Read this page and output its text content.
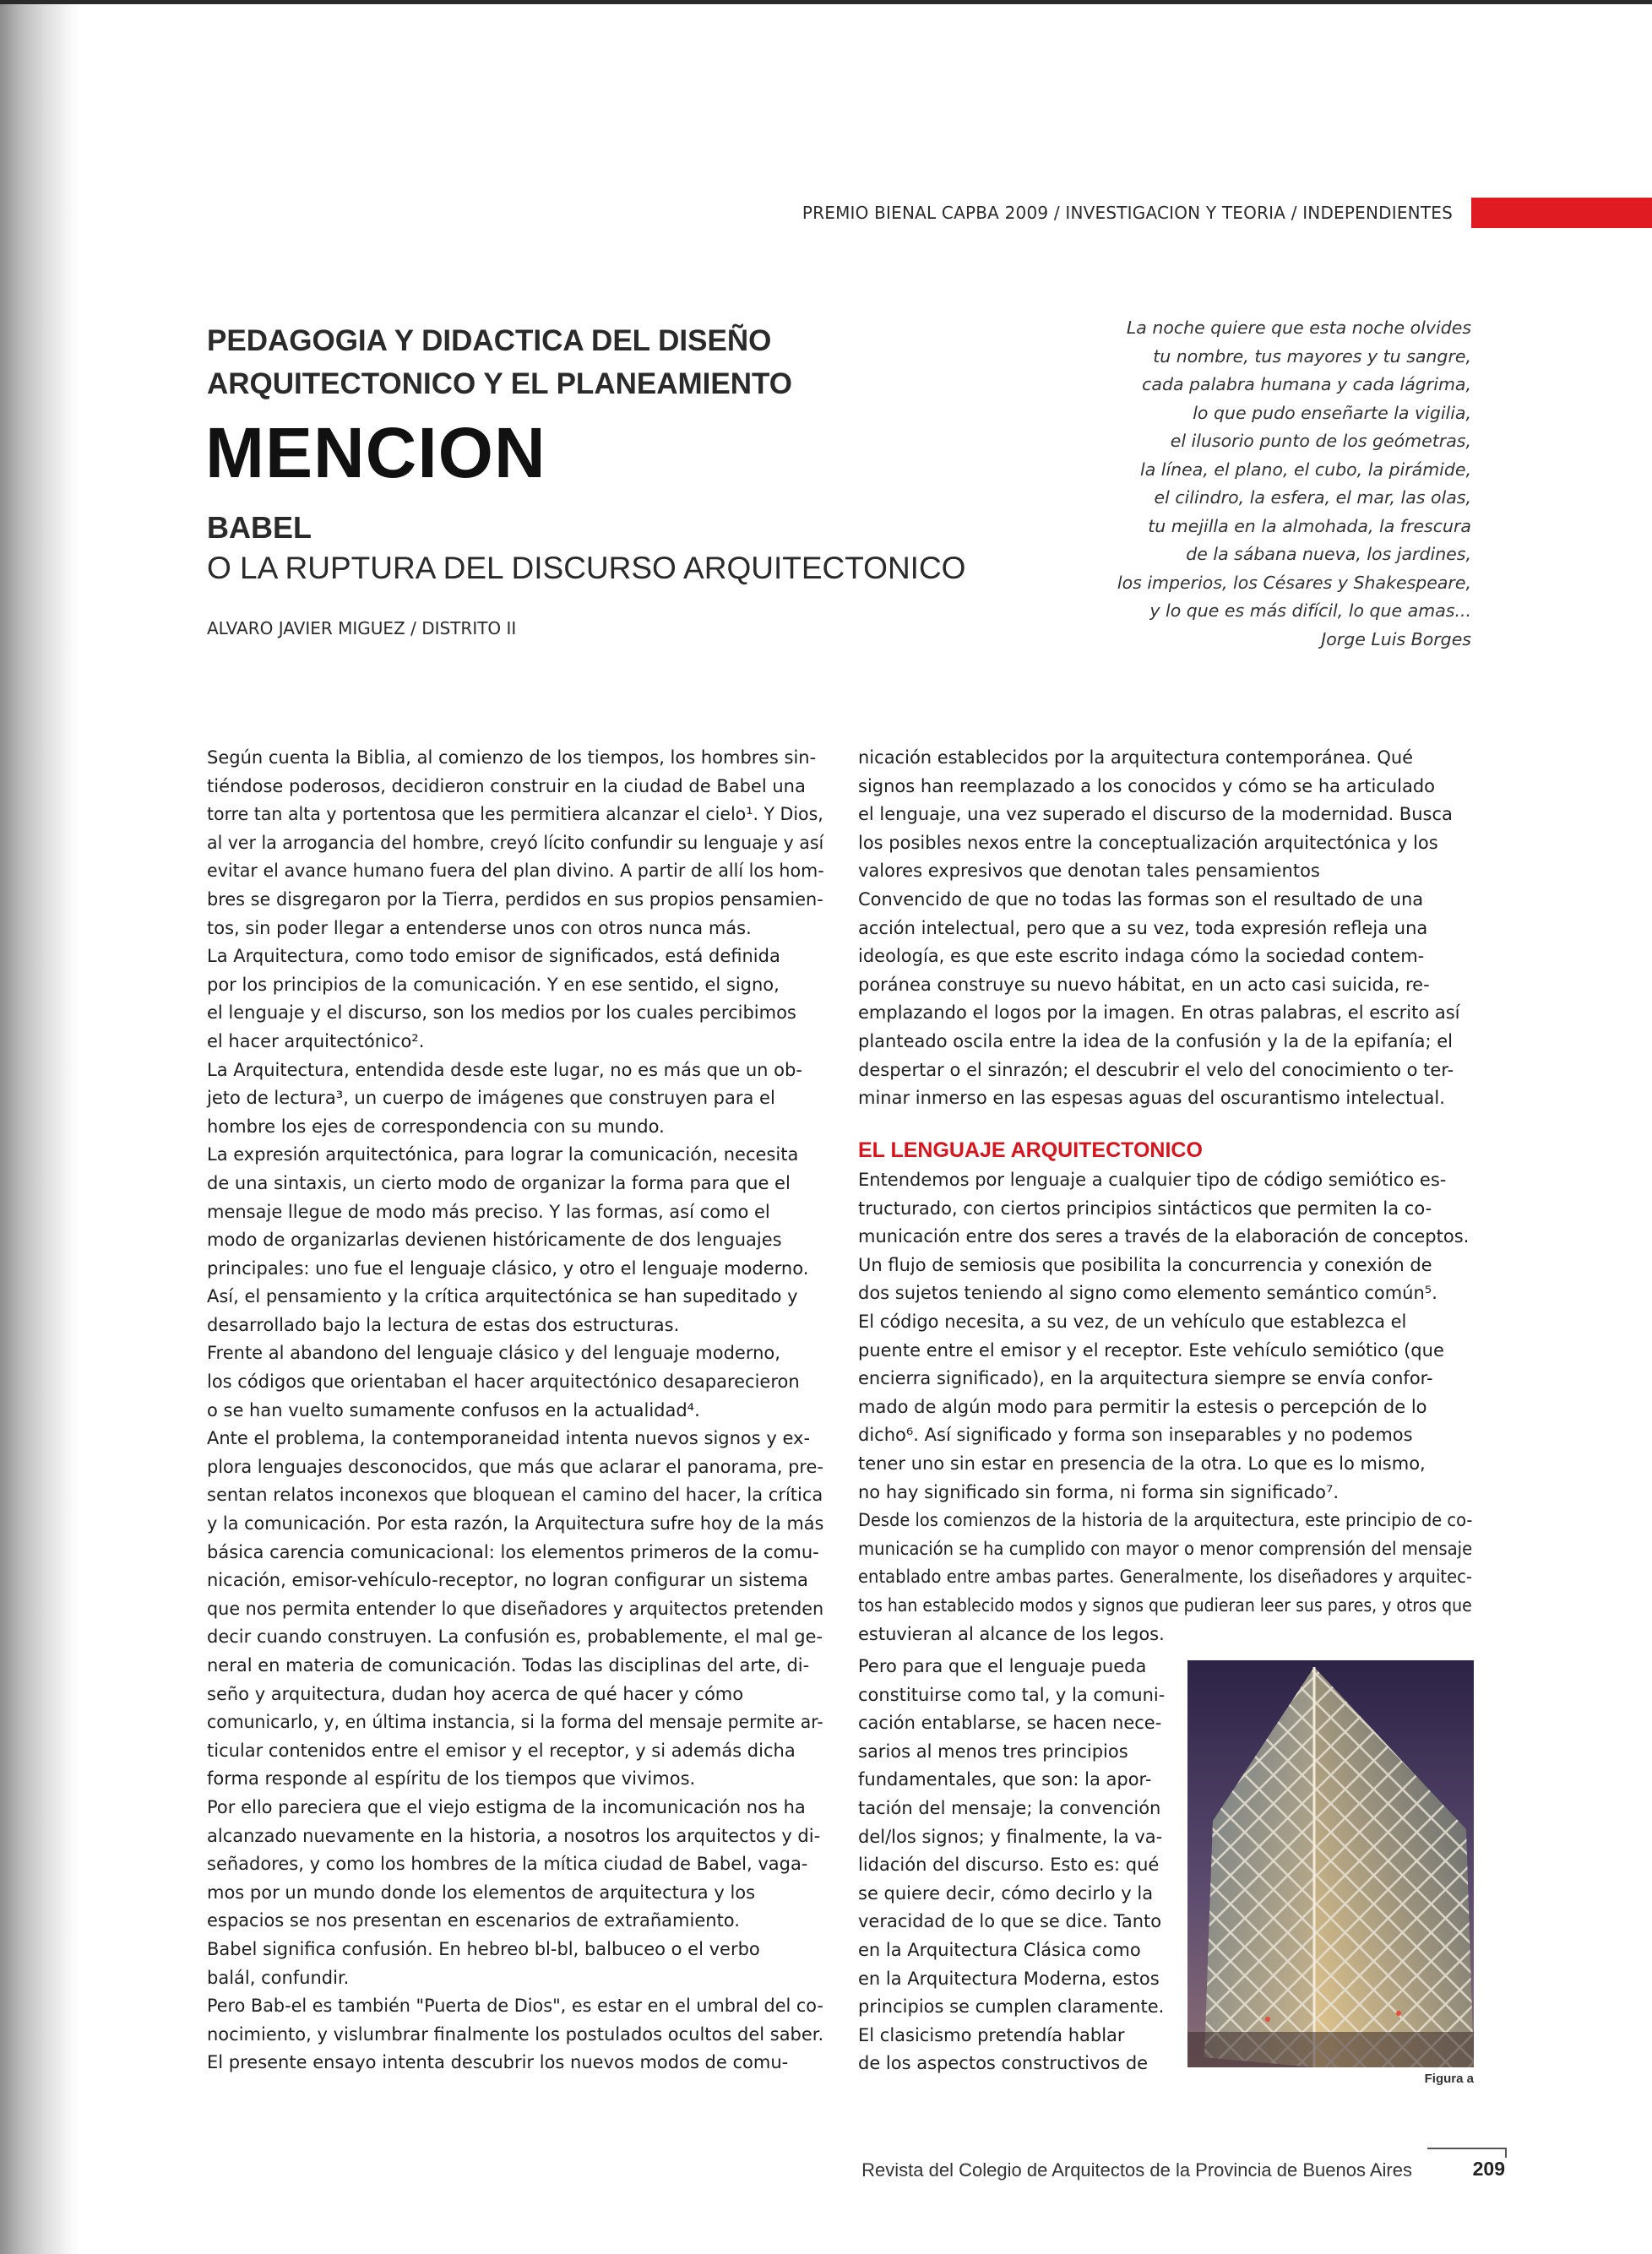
PREMIO BIENAL CAPBA 2009 / INVESTIGACION Y TEORIA / INDEPENDIENTES
PEDAGOGIA Y DIDACTICA DEL DISEÑO
ARQUITECTONICO Y EL PLANEAMIENTO
MENCION
BABEL
O LA RUPTURA DEL DISCURSO ARQUITECTONICO
ALVARO JAVIER MIGUEZ / DISTRITO II
La noche quiere que esta noche olvides
tu nombre, tus mayores y tu sangre,
cada palabra humana y cada lágrima,
lo que pudo enseñarte la vigilia,
el ilusorio punto de los geómetras,
la línea, el plano, el cubo, la pirámide,
el cilindro, la esfera, el mar, las olas,
tu mejilla en la almohada, la frescura
de la sábana nueva, los jardines,
los imperios, los Césares y Shakespeare,
y lo que es más difícil, lo que amas...
Jorge Luis Borges
Según cuenta la Biblia, al comienzo de los tiempos, los hombres sin-
tiéndose poderosos, decidieron construir en la ciudad de Babel una
torre tan alta y portentosa que les permitiera alcanzar el cielo¹. Y Dios,
al ver la arrogancia del hombre, creyó lícito confundir su lenguaje y así
evitar el avance humano fuera del plan divino. A partir de allí los hom-
bres se disgregaron por la Tierra, perdidos en sus propios pensamien-
tos, sin poder llegar a entenderse unos con otros nunca más.
La Arquitectura, como todo emisor de significados, está definida
por los principios de la comunicación. Y en ese sentido, el signo,
el lenguaje y el discurso, son los medios por los cuales percibimos
el hacer arquitectónico².
La Arquitectura, entendida desde este lugar, no es más que un ob-
jeto de lectura³, un cuerpo de imágenes que construyen para el
hombre los ejes de correspondencia con su mundo.
La expresión arquitectónica, para lograr la comunicación, necesita
de una sintaxis, un cierto modo de organizar la forma para que el
mensaje llegue de modo más preciso. Y las formas, así como el
modo de organizarlas devienen históricamente de dos lenguajes
principales: uno fue el lenguaje clásico, y otro el lenguaje moderno.
Así, el pensamiento y la crítica arquitectónica se han supeditado y
desarrollado bajo la lectura de estas dos estructuras.
Frente al abandono del lenguaje clásico y del lenguaje moderno,
los códigos que orientaban el hacer arquitectónico desaparecieron
o se han vuelto sumamente confusos en la actualidad⁴.
Ante el problema, la contemporaneidad intenta nuevos signos y ex-
plora lenguajes desconocidos, que más que aclarar el panorama, pre-
sentan relatos inconexos que bloquean el camino del hacer, la crítica
y la comunicación. Por esta razón, la Arquitectura sufre hoy de la más
básica carencia comunicacional: los elementos primeros de la comu-
nicación, emisor-vehículo-receptor, no logran configurar un sistema
que nos permita entender lo que diseñadores y arquitectos pretenden
decir cuando construyen. La confusión es, probablemente, el mal ge-
neral en materia de comunicación. Todas las disciplinas del arte, di-
seño y arquitectura, dudan hoy acerca de qué hacer y cómo
comunicarlo, y, en última instancia, si la forma del mensaje permite ar-
ticular contenidos entre el emisor y el receptor, y si además dicha
forma responde al espíritu de los tiempos que vivimos.
Por ello pareciera que el viejo estigma de la incomunicación nos ha
alcanzado nuevamente en la historia, a nosotros los arquitectos y di-
señadores, y como los hombres de la mítica ciudad de Babel, vaga-
mos por un mundo donde los elementos de arquitectura y los
espacios se nos presentan en escenarios de extrañamiento.
Babel significa confusión. En hebreo bl-bl, balbuceo o el verbo
balál, confundir.
Pero Bab-el es también "Puerta de Dios", es estar en el umbral del co-
nocimiento, y vislumbrar finalmente los postulados ocultos del saber.
El presente ensayo intenta descubrir los nuevos modos de comu-
nicación establecidos por la arquitectura contemporánea. Qué
signos han reemplazado a los conocidos y cómo se ha articulado
el lenguaje, una vez superado el discurso de la modernidad. Busca
los posibles nexos entre la conceptualización arquitectónica y los
valores expresivos que denotan tales pensamientos
Convencido de que no todas las formas son el resultado de una
acción intelectual, pero que a su vez, toda expresión refleja una
ideología, es que este escrito indaga cómo la sociedad contem-
poránea construye su nuevo hábitat, en un acto casi suicida, re-
emplazando el logos por la imagen. En otras palabras, el escrito así
planteado oscila entre la idea de la confusión y la de la epifanía; el
despertar o el sinrazón; el descubrir el velo del conocimiento o ter-
minar inmerso en las espesas aguas del oscurantismo intelectual.
EL LENGUAJE ARQUITECTONICO
Entendemos por lenguaje a cualquier tipo de código semiótico es-
tructurado, con ciertos principios sintácticos que permiten la co-
municación entre dos seres a través de la elaboración de conceptos.
Un flujo de semiosis que posibilita la concurrencia y conexión de
dos sujetos teniendo al signo como elemento semántico común⁵.
El código necesita, a su vez, de un vehículo que establezca el
puente entre el emisor y el receptor. Este vehículo semiótico (que
encierra significado), en la arquitectura siempre se envía confor-
mado de algún modo para permitir la estesis o percepción de lo
dicho⁶. Así significado y forma son inseparables y no podemos
tener uno sin estar en presencia de la otra. Lo que es lo mismo,
no hay significado sin forma, ni forma sin significado⁷.
Desde los comienzos de la historia de la arquitectura, este principio de co-
municación se ha cumplido con mayor o menor comprensión del mensaje
entablado entre ambas partes. Generalmente, los diseñadores y arquitec-
tos han establecido modos y signos que pudieran leer sus pares, y otros que
estuvieran al alcance de los legos.
Pero para que el lenguaje pueda
constituirse como tal, y la comuni-
cación entablarse, se hacen nece-
sarios al menos tres principios
fundamentales, que son: la apor-
tación del mensaje; la convención
del/los signos; y finalmente, la va-
lidación del discurso. Esto es: qué
se quiere decir, cómo decirlo y la
veracidad de lo que se dice. Tanto
en la Arquitectura Clásica como
en la Arquitectura Moderna, estos
principios se cumplen claramente.
El clasicismo pretendía hablar
de los aspectos constructivos de
Figura a
Revista del Colegio de Arquitectos de la Provincia de Buenos Aires	209
